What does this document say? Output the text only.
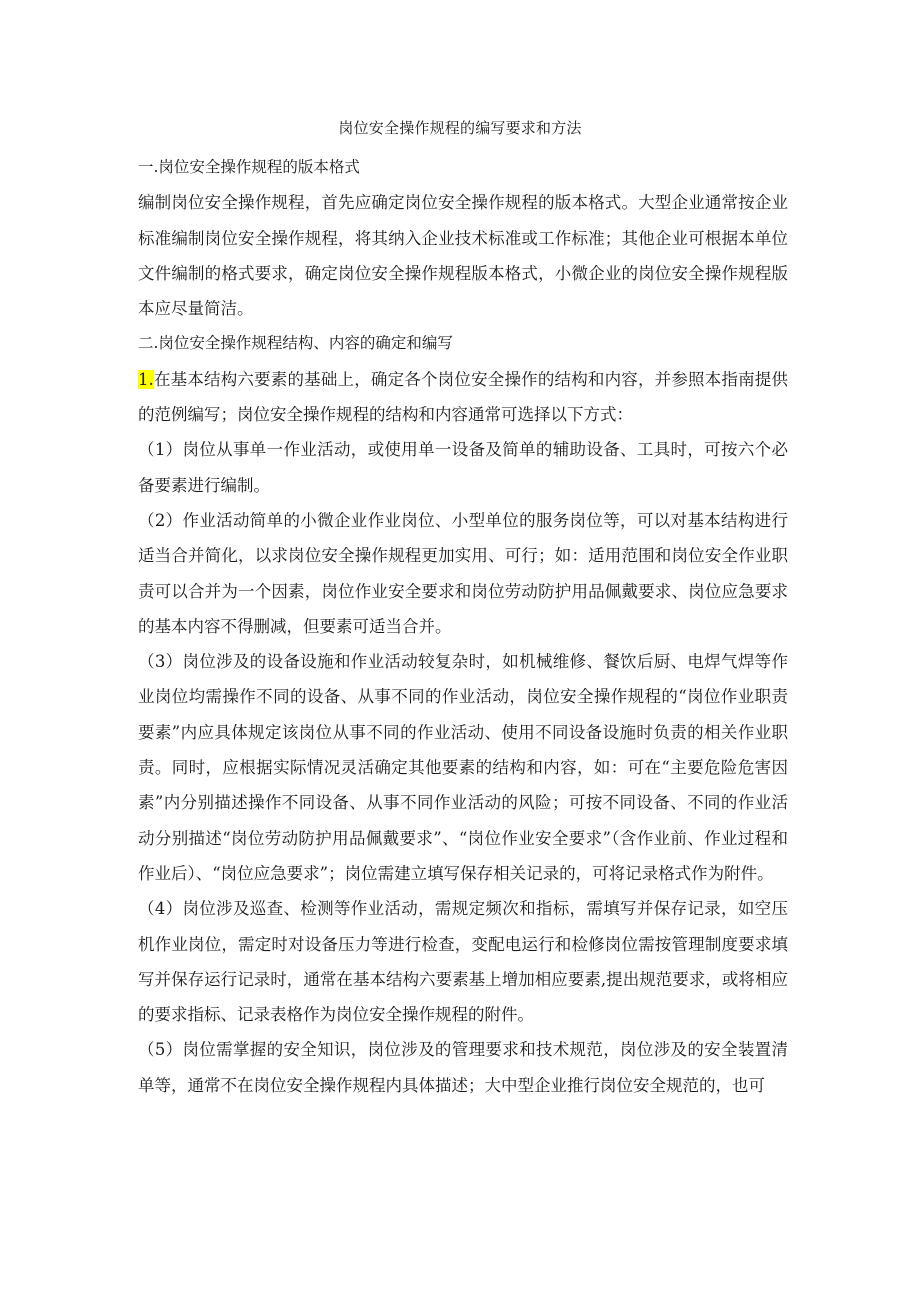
岗位安全操作规程的编写要求和方法

一.岗位安全操作规程的版本格式

编制岗位安全操作规程，首先应确定岗位安全操作规程的版本格式。大型企业通常按企业标准编制岗位安全操作规程，将其纳入企业技术标准或工作标准；其他企业可根据本单位文件编制的格式要求，确定岗位安全操作规程版本格式，小微企业的岗位安全操作规程版本应尽量简洁。

二.岗位安全操作规程结构、内容的确定和编写

1.在基本结构六要素的基础上，确定各个岗位安全操作的结构和内容，并参照本指南提供的范例编写；岗位安全操作规程的结构和内容通常可选择以下方式：

（1）岗位从事单一作业活动，或使用单一设备及简单的辅助设备、工具时，可按六个必备要素进行编制。

（2）作业活动简单的小微企业作业岗位、小型单位的服务岗位等，可以对基本结构进行适当合并简化，以求岗位安全操作规程更加实用、可行；如：适用范围和岗位安全作业职责可以合并为一个因素，岗位作业安全要求和岗位劳动防护用品佩戴要求、岗位应急要求的基本内容不得删减，但要素可适当合并。

（3）岗位涉及的设备设施和作业活动较复杂时，如机械维修、餐饮后厨、电焊气焊等作业岗位均需操作不同的设备、从事不同的作业活动，岗位安全操作规程的“岗位作业职责要素”内应具体规定该岗位从事不同的作业活动、使用不同设备设施时负责的相关作业职责。同时，应根据实际情况灵活确定其他要素的结构和内容，如：可在“主要危险危害因素”内分别描述操作不同设备、从事不同作业活动的风险；可按不同设备、不同的作业活动分别描述“岗位劳动防护用品佩戴要求”、“岗位作业安全要求”（含作业前、作业过程和作业后）、“岗位应急要求”；岗位需建立填写保存相关记录的，可将记录格式作为附件。

（4）岗位涉及巡查、检测等作业活动，需规定频次和指标，需填写并保存记录，如空压机作业岗位，需定时对设备压力等进行检查，变配电运行和检修岗位需按管理制度要求填写并保存运行记录时，通常在基本结构六要素基上增加相应要素,提出规范要求，或将相应的要求指标、记录表格作为岗位安全操作规程的附件。

（5）岗位需掌握的安全知识，岗位涉及的管理要求和技术规范，岗位涉及的安全装置清单等，通常不在岗位安全操作规程内具体描述；大中型企业推行岗位安全规范的，也可
